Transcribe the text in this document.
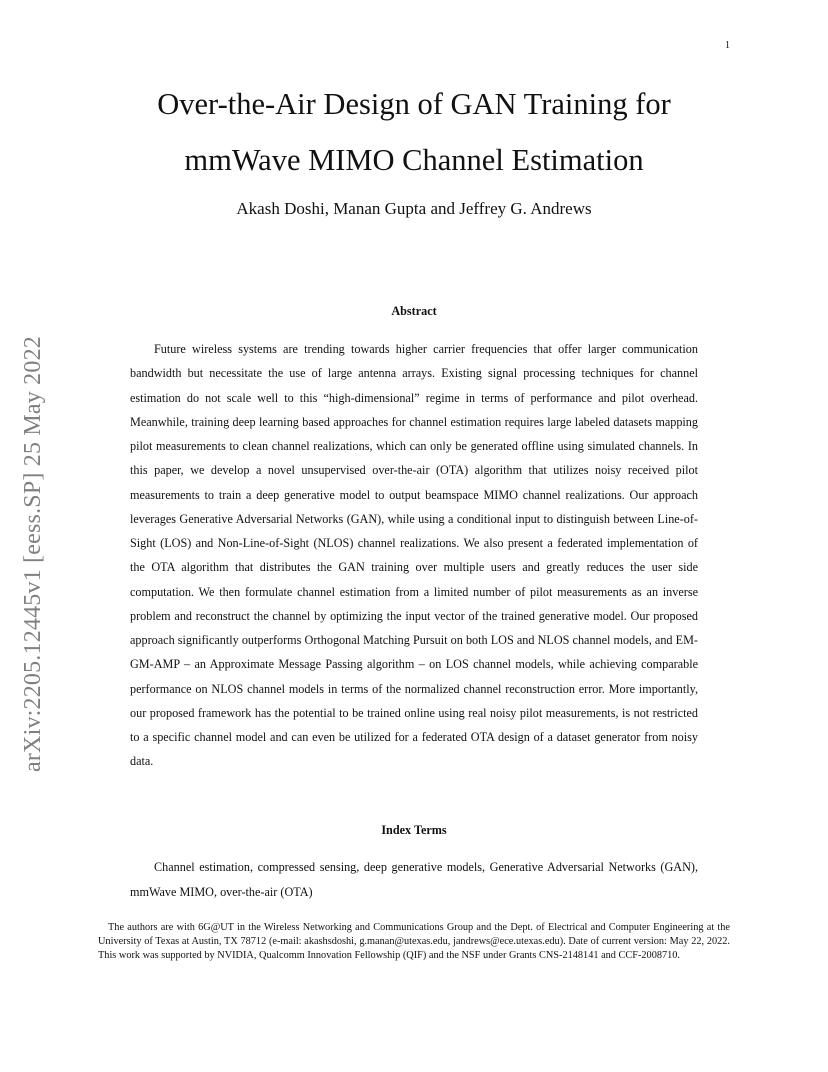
1
arXiv:2205.12445v1 [eess.SP] 25 May 2022
Over-the-Air Design of GAN Training for
mmWave MIMO Channel Estimation
Akash Doshi, Manan Gupta and Jeffrey G. Andrews
Abstract

Future wireless systems are trending towards higher carrier frequencies that offer larger communication bandwidth but necessitate the use of large antenna arrays. Existing signal processing techniques for channel estimation do not scale well to this “high-dimensional” regime in terms of performance and pilot overhead. Meanwhile, training deep learning based approaches for channel estimation requires large labeled datasets mapping pilot measurements to clean channel realizations, which can only be generated offline using simulated channels. In this paper, we develop a novel unsupervised over-the-air (OTA) algorithm that utilizes noisy received pilot measurements to train a deep generative model to output beamspace MIMO channel realizations. Our approach leverages Generative Adversarial Networks (GAN), while using a conditional input to distinguish between Line-of-Sight (LOS) and Non-Line-of-Sight (NLOS) channel realizations. We also present a federated implementation of the OTA algorithm that distributes the GAN training over multiple users and greatly reduces the user side computation. We then formulate channel estimation from a limited number of pilot measurements as an inverse problem and reconstruct the channel by optimizing the input vector of the trained generative model. Our proposed approach significantly outperforms Orthogonal Matching Pursuit on both LOS and NLOS channel models, and EM-GM-AMP – an Approximate Message Passing algorithm – on LOS channel models, while achieving comparable performance on NLOS channel models in terms of the normalized channel reconstruction error. More importantly, our proposed framework has the potential to be trained online using real noisy pilot measurements, is not restricted to a specific channel model and can even be utilized for a federated OTA design of a dataset generator from noisy data.

Index Terms

Channel estimation, compressed sensing, deep generative models, Generative Adversarial Networks (GAN), mmWave MIMO, over-the-air (OTA)

The authors are with 6G@UT in the Wireless Networking and Communications Group and the Dept. of Electrical and Computer Engineering at the University of Texas at Austin, TX 78712 (e-mail: akashsdoshi, g.manan@utexas.edu, jandrews@ece.utexas.edu). Date of current version: May 22, 2022. This work was supported by NVIDIA, Qualcomm Innovation Fellowship (QIF) and the NSF under Grants CNS-2148141 and CCF-2008710.
